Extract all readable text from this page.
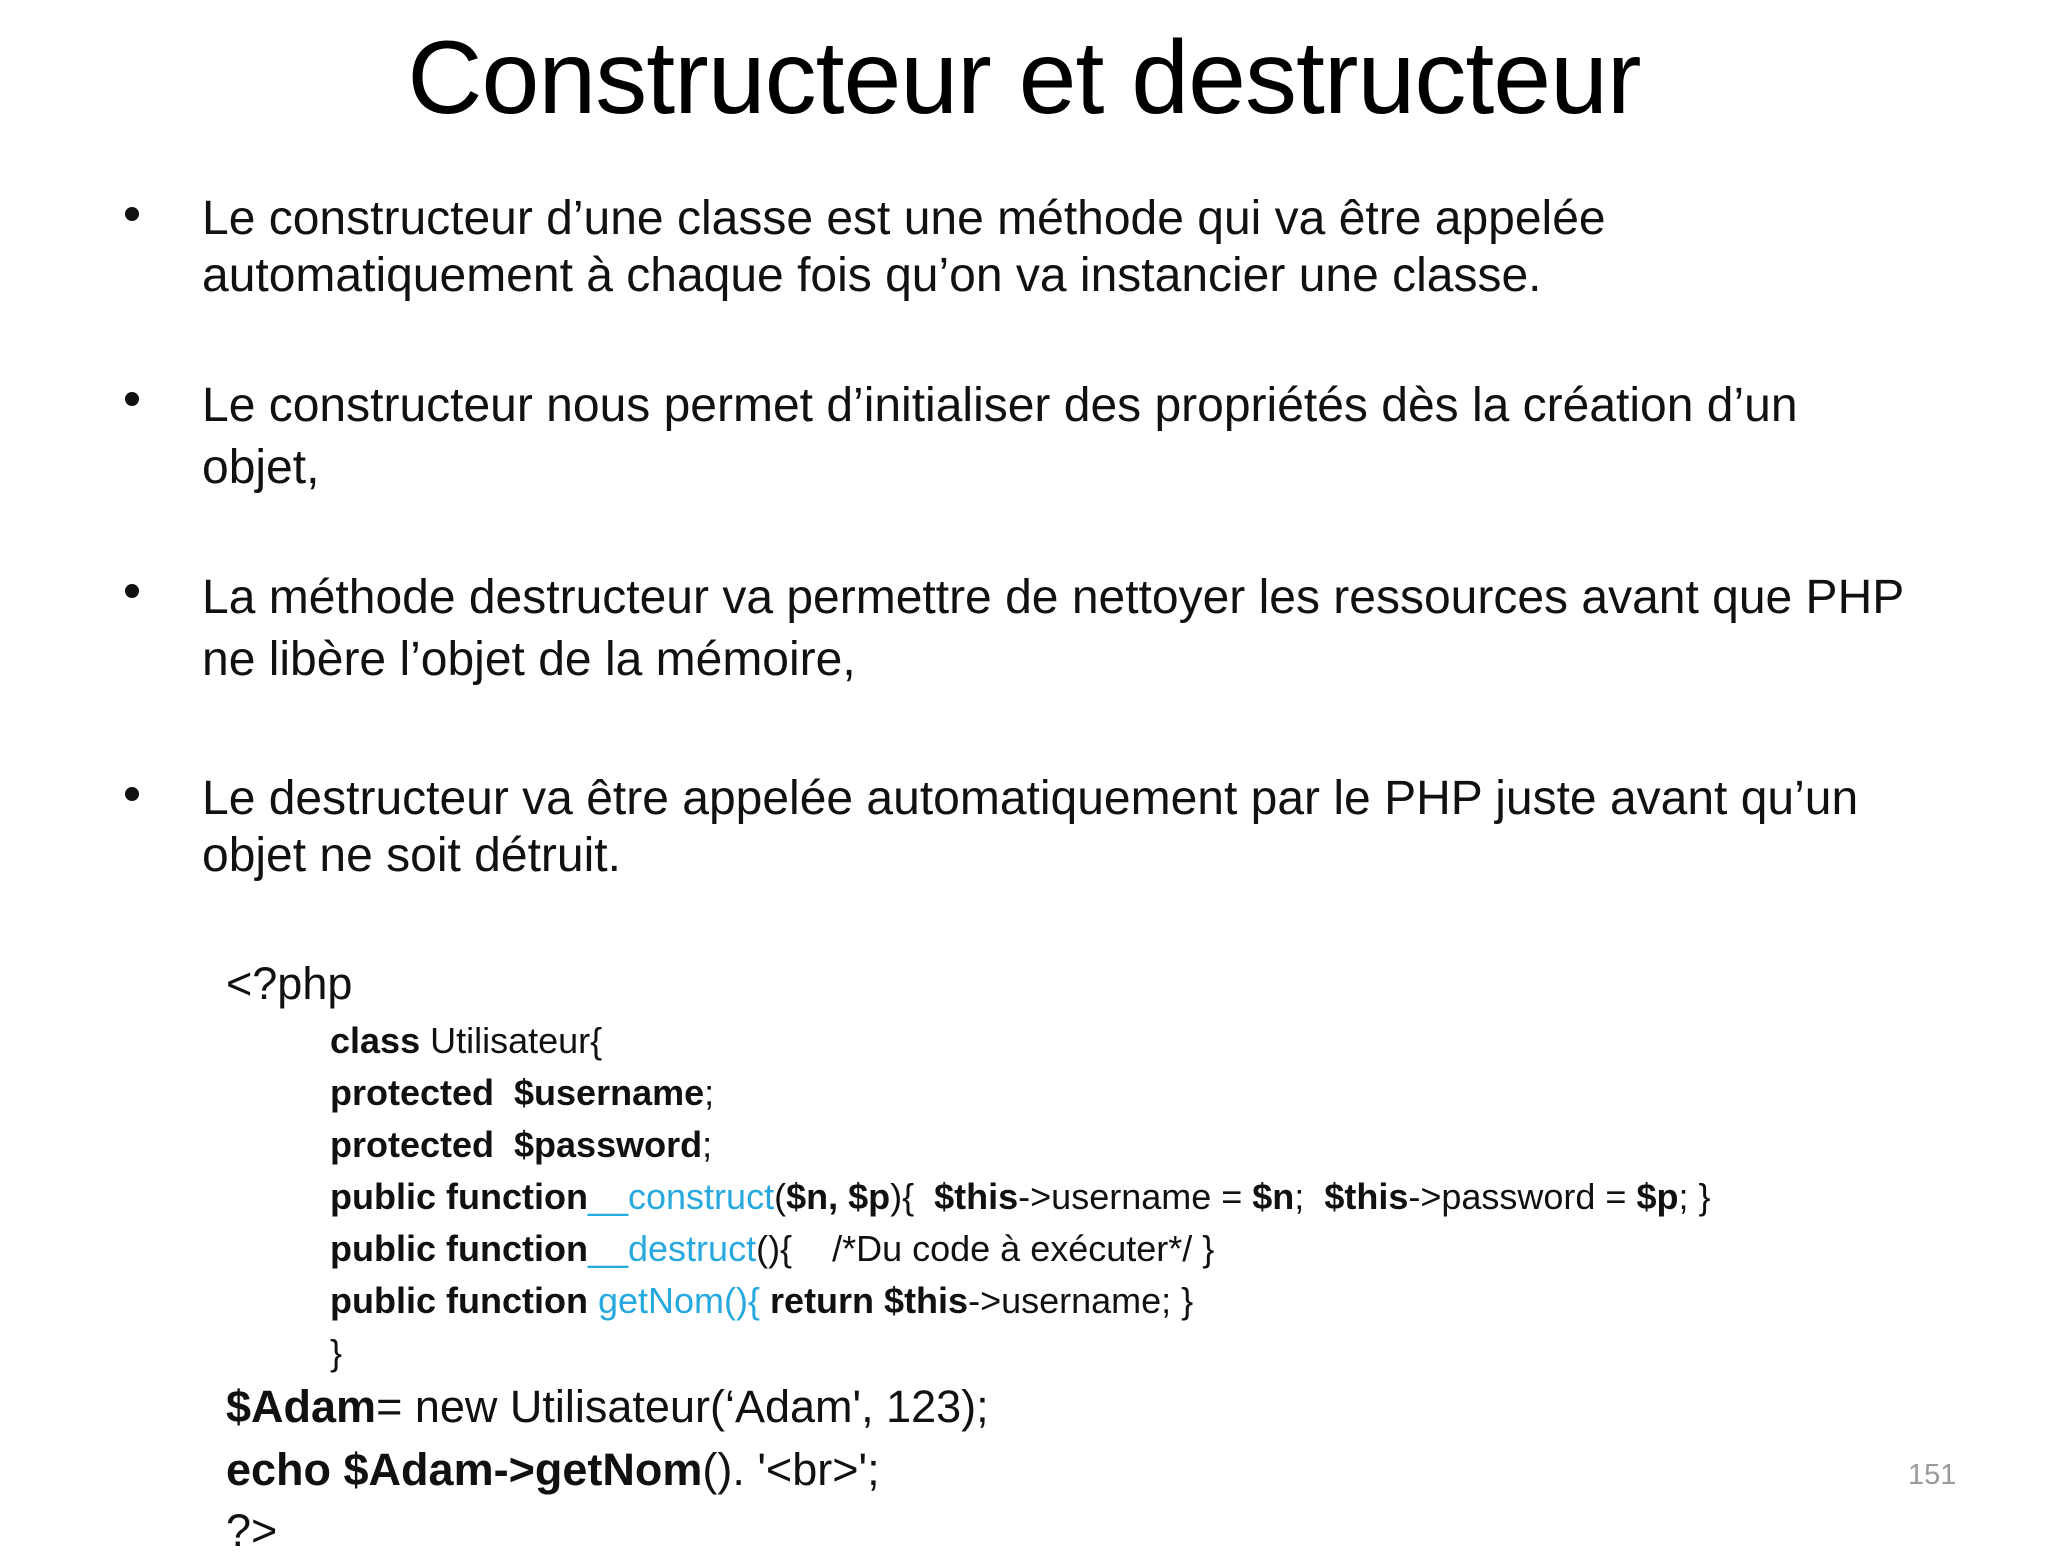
Constructeur et destructeur
Le constructeur d’une classe est une méthode qui va être appelée automatiquement à chaque fois qu’on va instancier une classe.
Le constructeur nous permet d’initialiser des propriétés dès la création d’un objet,
La méthode destructeur va permettre de nettoyer les ressources avant que PHP ne libère l’objet de la mémoire,
Le destructeur va être appelée automatiquement par le PHP juste avant qu’un objet ne soit détruit.
<?php
class Utilisateur{
protected  $username;
protected  $password;
public function__construct($n, $p){  $this->username = $n;  $this->password = $p; }
public function__destruct(){    /*Du code à exécuter*/ }
public function getNom(){ return $this->username; }
}
$Adam= new Utilisateur(‘Adam', 123);
echo $Adam->getNom(). '<br>';
?>
151
